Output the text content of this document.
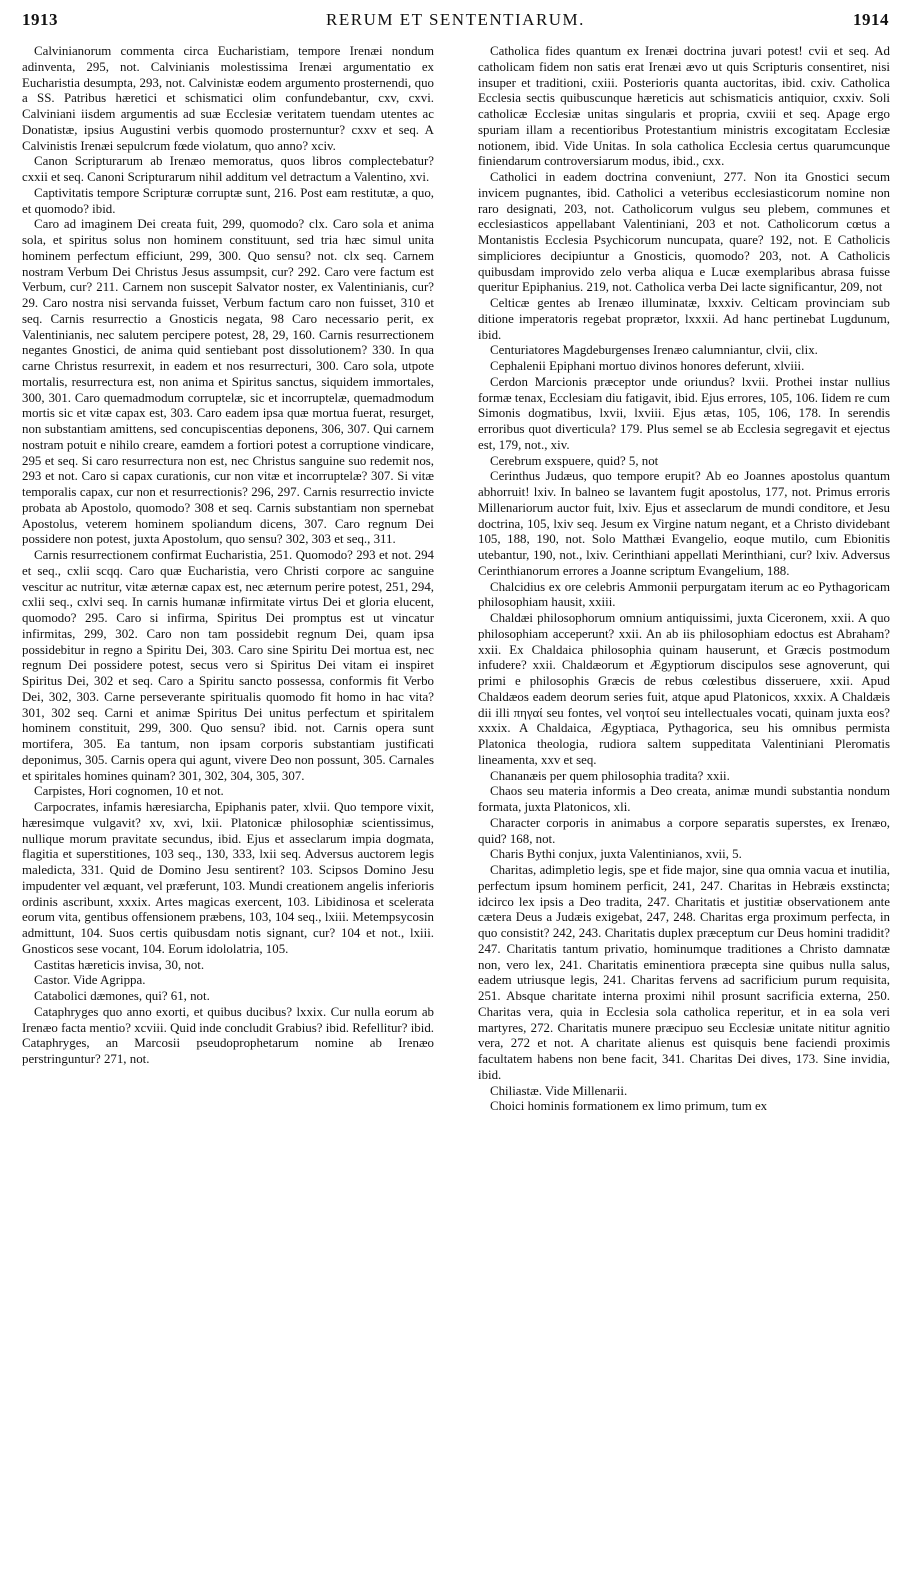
1913	RERUM ET SENTENTIARUM.	1914

Calvinianorum commenta circa Eucharistiam, tempore Irenæi nondum adinventa, 295, not. Calvinianis molestissima Irenæi argumentatio ex Eucharistia desumpta, 293, not. Calvinistæ eodem argumento prosternendi, quo a SS. Patribus hæretici et schismatici olim confundebantur, cxv, cxvi. Calviniani iisdem argumentis ad suæ Ecclesiæ veritatem tuendam utentes ac Donatistæ, ipsius Augustini verbis quomodo prosternuntur? cxxv et seq. A Calvinistis Irenæi sepulcrum fœde violatum, quo anno? xciv.

Canon Scripturarum ab Irenæo memoratus, quos libros complectebatur? cxxii et seq. Canoni Scripturarum nihil additum vel detractum a Valentino, xvi.

Captivitatis tempore Scripturæ corruptæ sunt, 216. Post eam restitutæ, a quo, et quomodo? ibid.

Caro ad imaginem Dei creata fuit, 299, quomodo? clx. Caro sola et anima sola, et spiritus solus non hominem constituunt, sed tria hæc simul unita hominem perfectum efficiunt, 299, 300. Quo sensu? not. clx seq. Carnem nostram Verbum Dei Christus Jesus assumpsit, cur? 292. Caro vere factum est Verbum, cur? 211. Carnem non suscepit Salvator noster, ex Valentinianis, cur? 29. Caro nostra nisi servanda fuisset, Verbum factum caro non fuisset, 310 et seq. Carnis resurrectio a Gnosticis negata, 98 Caro necessario perit, ex Valentinianis, nec salutem percipere potest, 28, 29, 160. Carnis resurrectionem negantes Gnostici, de anima quid sentiebant post dissolutionem? 330. In qua carne Christus resurrexit, in eadem et nos resurrecturi, 300. Caro sola, utpote mortalis, resurrectura est, non anima et Spiritus sanctus, siquidem immortales, 300, 301. Caro quemadmodum corruptelæ, sic et incorruptelæ, quemadmodum mortis sic et vitæ capax est, 303. Caro eadem ipsa quæ mortua fuerat, resurget, non substantiam amittens, sed concupiscentias deponens, 306, 307. Qui carnem nostram potuit e nihilo creare, eamdem a fortiori potest a corruptione vindicare, 295 et seq. Si caro resurrectura non est, nec Christus sanguine suo redemit nos, 293 et not. Caro si capax curationis, cur non vitæ et incorruptelæ? 307. Si vitæ temporalis capax, cur non et resurrectionis? 296, 297. Carnis resurrectio invicte probata ab Apostolo, quomodo? 308 et seq. Carnis substantiam non spernebat Apostolus, veterem hominem spoliandum dicens, 307. Caro regnum Dei possidere non potest, juxta Apostolum, quo sensu? 302, 303 et seq., 311.

Carnis resurrectionem confirmat Eucharistia, 251. Quomodo? 293 et not. 294 et seq., cxlii scqq. Caro quæ Eucharistia, vero Christi corpore ac sanguine vescitur ac nutritur, vitæ æternæ capax est, nec æternum perire potest, 251, 294, cxlii seq., cxlvi seq. In carnis humanæ infirmitate virtus Dei et gloria elucent, quomodo? 295. Caro si infirma, Spiritus Dei promptus est ut vincatur infirmitas, 299, 302. Caro non tam possidebit regnum Dei, quam ipsa possidebitur in regno a Spiritu Dei, 303. Caro sine Spiritu Dei mortua est, nec regnum Dei possidere potest, secus vero si Spiritus Dei vitam ei inspiret Spiritus Dei, 302 et seq. Caro a Spiritu sancto possessa, conformis fit Verbo Dei, 302, 303. Carne perseverante spiritualis quomodo fit homo in hac vita? 301, 302 seq. Carni et animæ Spiritus Dei unitus perfectum et spiritalem hominem constituit, 299, 300. Quo sensu? ibid. not. Carnis opera sunt mortifera, 305. Ea tantum, non ipsam corporis substantiam justificati deponimus, 305. Carnis opera qui agunt, vivere Deo non possunt, 305. Carnales et spiritales homines quinam? 301, 302, 304, 305, 307.

Carpistes, Hori cognomen, 10 et not.

Carpocrates, infamis hæresiarcha, Epiphanis pater, xlvii. Quo tempore vixit, hæresimque vulgavit? xv, xvi, lxii. Platonicæ philosophiæ scientissimus, nullique morum pravitate secundus, ibid. Ejus et asseclarum impia dogmata, flagitia et superstitiones, 103 seq., 130, 333, lxii seq. Adversus auctorem legis maledicta, 331. Quid de Domino Jesu sentirent? 103. Scipsos Domino Jesu impudenter vel æquant, vel præferunt, 103. Mundi creationem angelis inferioris ordinis ascribunt, xxxix. Artes magicas exercent, 103. Libidinosa et scelerata eorum vita, gentibus offensionem præbens, 103, 104 seq., lxiii. Metempsycosin admittunt, 104. Suos certis quibusdam notis signant, cur? 104 et not., lxiii. Gnosticos sese vocant, 104. Eorum idololatria, 105.

Castitas hæreticis invisa, 30, not.

Castor. Vide Agrippa.

Catabolici dæmones, qui? 61, not.

Cataphryges quo anno exorti, et quibus ducibus? lxxix. Cur nulla eorum ab Irenæo facta mentio? xcviii. Quid inde concludit Grabius? ibid. Refellitur? ibid. Cataphryges, an Marcosii pseudoprophetarum nomine ab Irenæo perstringuntur? 271, not.

Catholica fides quantum ex Irenæi doctrina juvari potest! cvii et seq. Ad catholicam fidem non satis erat Irenæi ævo ut quis Scripturis consentiret, nisi insuper et traditioni, cxiii. Posterioris quanta auctoritas, ibid. cxiv. Catholica Ecclesia sectis quibuscunque hæreticis aut schismaticis antiquior, cxxiv. Soli catholicæ Ecclesiæ unitas singularis et propria, cxviii et seq. Apage ergo spuriam illam a recentioribus Protestantium ministris excogitatam Ecclesiæ notionem, ibid. Vide Unitas. In sola catholica Ecclesia certus quarumcunque finiendarum controversiarum modus, ibid., cxx.

Catholici in eadem doctrina conveniunt, 277. Non ita Gnostici secum invicem pugnantes, ibid. Catholici a veteribus ecclesiasticorum nomine non raro designati, 203, not. Catholicorum vulgus seu plebem, communes et ecclesiasticos appellabant Valentiniani, 203 et not. Catholicorum cœtus a Montanistis Ecclesia Psychicorum nuncupata, quare? 192, not. E Catholicis simpliciores decipiuntur a Gnosticis, quomodo? 203, not. A Catholicis quibusdam improvido zelo verba aliqua e Lucæ exemplaribus abrasa fuisse queritur Epiphanius. 219, not. Catholica verba Dei lacte significantur, 209, not

Celticæ gentes ab Irenæo illuminatæ, lxxxiv. Celticam provinciam sub ditione imperatoris regebat proprætor, lxxxii. Ad hanc pertinebat Lugdunum, ibid.

Centuriatores Magdeburgenses Irenæo calumniantur, clvii, clix.

Cephalenii Epiphani mortuo divinos honores deferunt, xlviii.

Cerdon Marcionis præceptor unde oriundus? lxvii. Prothei instar nullius formæ tenax, Ecclesiam diu fatigavit, ibid. Ejus errores, 105, 106. Iidem re cum Simonis dogmatibus, lxvii, lxviii. Ejus ætas, 105, 106, 178. In serendis erroribus quot diverticula? 179. Plus semel se ab Ecclesia segregavit et ejectus est, 179, not., xiv.

Cerebrum exspuere, quid? 5, not

Cerinthus Judæus, quo tempore erupit? Ab eo Joannes apostolus quantum abhorruit! lxiv. In balneo se lavantem fugit apostolus, 177, not. Primus erroris Millenariorum auctor fuit, lxiv. Ejus et asseclarum de mundi conditore, et Jesu doctrina, 105, lxiv seq. Jesum ex Virgine natum negant, et a Christo dividebant 105, 188, 190, not. Solo Matthæi Evangelio, eoque mutilo, cum Ebionitis utebantur, 190, not., lxiv. Cerinthiani appellati Merinthiani, cur? lxiv. Adversus Cerinthianorum errores a Joanne scriptum Evangelium, 188.

Chalcidius ex ore celebris Ammonii perpurgatam iterum ac eo Pythagoricam philosophiam hausit, xxiii.

Chaldæi philosophorum omnium antiquissimi, juxta Ciceronem, xxii. A quo philosophiam acceperunt? xxii. An ab iis philosophiam edoctus est Abraham? xxii. Ex Chaldaica philosophia quinam hauserunt, et Græcis postmodum infudere? xxii. Chaldæorum et Ægyptiorum discipulos sese agnoverunt, qui primi e philosophis Græcis de rebus cœlestibus disseruere, xxii. Apud Chaldæos eadem deorum series fuit, atque apud Platonicos, xxxix. A Chaldæis dii illi πηγαί seu fontes, vel νοητοί seu intellectuales vocati, quinam juxta eos? xxxix. A Chaldaica, Ægyptiaca, Pythagorica, seu his omnibus permista Platonica theologia, rudiora saltem suppeditata Valentiniani Pleromatis lineamenta, xxv et seq.

Chananæis per quem philosophia tradita? xxii.

Chaos seu materia informis a Deo creata, animæ mundi substantia nondum formata, juxta Platonicos, xli.

Character corporis in animabus a corpore separatis superstes, ex Irenæo, quid? 168, not.

Charis Bythi conjux, juxta Valentinianos, xvii, 5.

Charitas, adimpletio legis, spe et fide major, sine qua omnia vacua et inutilia, perfectum ipsum hominem perficit, 241, 247. Charitas in Hebræis exstincta; idcirco lex ipsis a Deo tradita, 247. Charitatis et justitiæ observationem ante cætera Deus a Judæis exigebat, 247, 248. Charitas erga proximum perfecta, in quo consistit? 242, 243. Charitatis duplex præceptum cur Deus homini tradidit? 247. Charitatis tantum privatio, hominumque traditiones a Christo damnatæ non, vero lex, 241. Charitatis eminentiora præcepta sine quibus nulla salus, eadem utriusque legis, 241. Charitas fervens ad sacrificium purum requisita, 251. Absque charitate interna proximi nihil prosunt sacrificia externa, 250. Charitas vera, quia in Ecclesia sola catholica reperitur, et in ea sola veri martyres, 272. Charitatis munere præcipuo seu Ecclesiæ unitate nititur agnitio vera, 272 et not. A charitate alienus est quisquis bene faciendi proximis facultatem habens non bene facit, 341. Charitas Dei dives, 173. Sine invidia, ibid.

Chiliastæ. Vide Millenarii.

Choici hominis formationem ex limo primum, tum ex
